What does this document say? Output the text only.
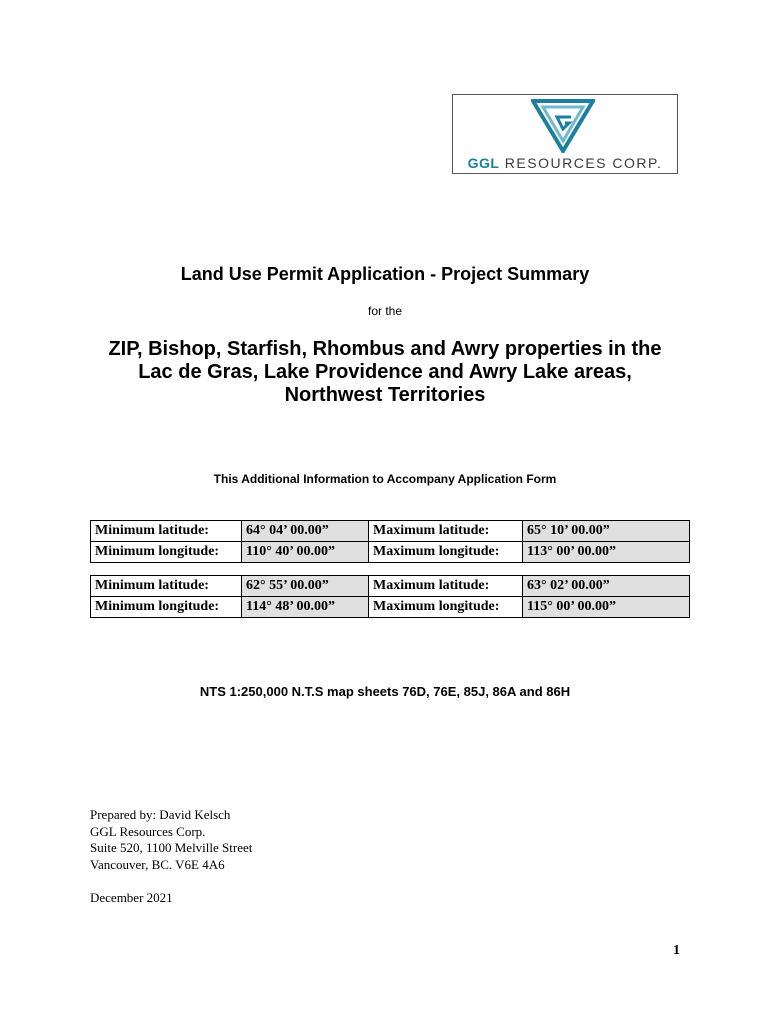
GGL RESOURCES CORP.
Land Use Permit Application - Project Summary
for the
ZIP, Bishop, Starfish, Rhombus and Awry properties in the
Lac de Gras, Lake Providence and Awry Lake areas,
Northwest Territories
This Additional Information to Accompany Application Form
Minimum latitude:	64° 04’ 00.00”	Maximum latitude:	65° 10’ 00.00”
Minimum longitude:	110° 40’ 00.00”	Maximum longitude:	113° 00’ 00.00”
Minimum latitude:	62° 55’ 00.00”	Maximum latitude:	63° 02’ 00.00”
Minimum longitude:	114° 48’ 00.00”	Maximum longitude:	115° 00’ 00.00”
NTS 1:250,000 N.T.S map sheets 76D, 76E, 85J, 86A and 86H
Prepared by: David Kelsch
GGL Resources Corp.
Suite 520, 1100 Melville Street
Vancouver, BC. V6E 4A6
December 2021
1
